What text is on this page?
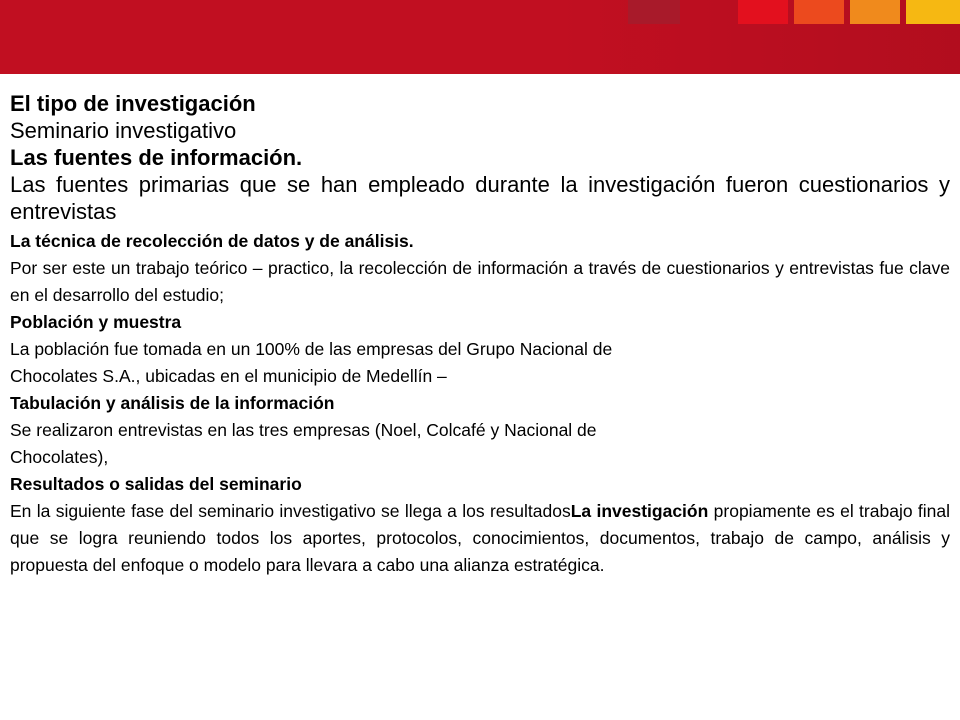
El tipo de investigación

Seminario investigativo

Las fuentes de información.

Las fuentes primarias que se han empleado durante la investigación fueron cuestionarios y entrevistas

La técnica de recolección de datos y de análisis.

Por ser este un trabajo teórico – practico, la recolección de información a través de cuestionarios y entrevistas fue clave en el desarrollo del estudio;

Población y muestra

La población fue tomada en un 100% de las empresas del Grupo Nacional de

Chocolates S.A., ubicadas en el municipio de Medellín –

Tabulación y análisis de la información

Se realizaron entrevistas en las tres empresas (Noel, Colcafé y Nacional de

Chocolates),

Resultados o salidas del seminario

En la siguiente fase del seminario investigativo se llega a los resultadosLa investigación propiamente es el trabajo final que se logra reuniendo todos los aportes, protocolos, conocimientos, documentos, trabajo de campo, análisis y propuesta del enfoque o modelo para llevara a cabo una alianza estratégica.
